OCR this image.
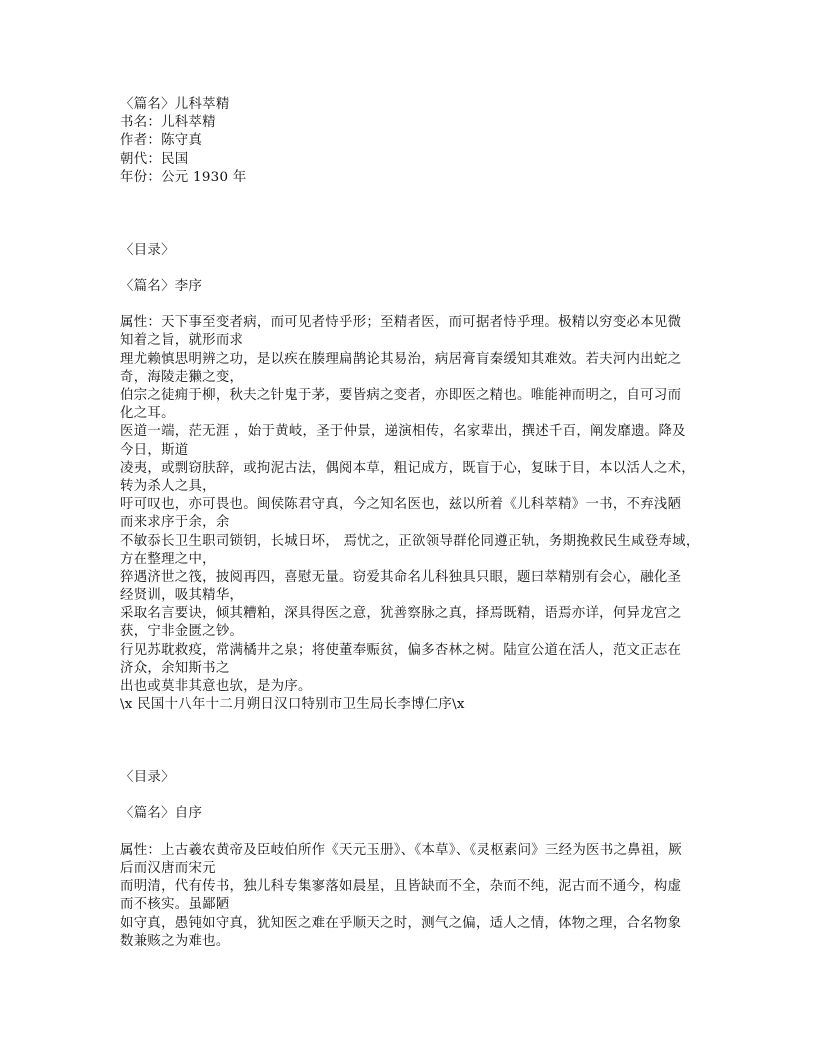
〈篇名〉儿科萃精
书名：儿科萃精
作者：陈守真
朝代：民国
年份：公元 1930 年
〈目录〉
〈篇名〉李序
属性：天下事至变者病，而可见者恃乎形；至精者医，而可据者恃乎理。极精以穷变必本见微
知着之旨，就形而求
理尤赖慎思明辨之功，是以疾在腠理扁鹊论其易治，病居膏肓秦缓知其难效。若夫河内出蛇之
奇，海陵走獭之变，
伯宗之徒痈于柳，秋夫之针鬼于茅，要皆病之变者，亦即医之精也。唯能神而明之，自可习而
化之耳。
医道一端，茫无涯 ，始于黄岐，圣于仲景，递演相传，名家辈出，撰述千百，阐发靡遗。降及
今日，斯道
凌夷，或剽窃肤辞，或拘泥古法，偶阅本草，粗记成方，既盲于心，复昧于目，本以活人之术，
转为杀人之具，
吁可叹也，亦可畏也。闽侯陈君守真，今之知名医也，兹以所着《儿科萃精》一书，不弃浅陋
而来求序于余，余
不敏忝长卫生职司锁钥，长城日坏， 焉忧之，正欲领导群伦同遵正轨，务期挽救民生咸登寿域，
方在整理之中，
猝遇济世之筏，披阅再四，喜慰无量。窃爱其命名儿科独具只眼，题曰萃精别有会心，融化圣
经贤训，吸其精华，
采取名言要诀，倾其糟粕，深具得医之意，犹善察脉之真，择焉既精，语焉亦详，何异龙宫之
获，宁非金匮之钞。
行见苏耽救疫，常满橘井之泉；将使董奉赈贫，偏多杏林之树。陆宣公道在活人，范文正志在
济众，余知斯书之
出也或莫非其意也欤，是为序。
\x 民国十八年十二月朔日汉口特别市卫生局长李博仁序\x
〈目录〉
〈篇名〉自序
属性：上古羲农黄帝及臣岐伯所作《天元玉册》、《本草》、《灵枢素问》三经为医书之鼻祖，厥
后而汉唐而宋元
而明清，代有传书，独儿科专集寥落如晨星，且皆缺而不全，杂而不纯，泥古而不通今，构虚
而不核实。虽鄙陋
如守真，愚钝如守真，犹知医之难在乎顺天之时，测气之偏，适人之情，体物之理，合名物象
数兼赅之为难也。
